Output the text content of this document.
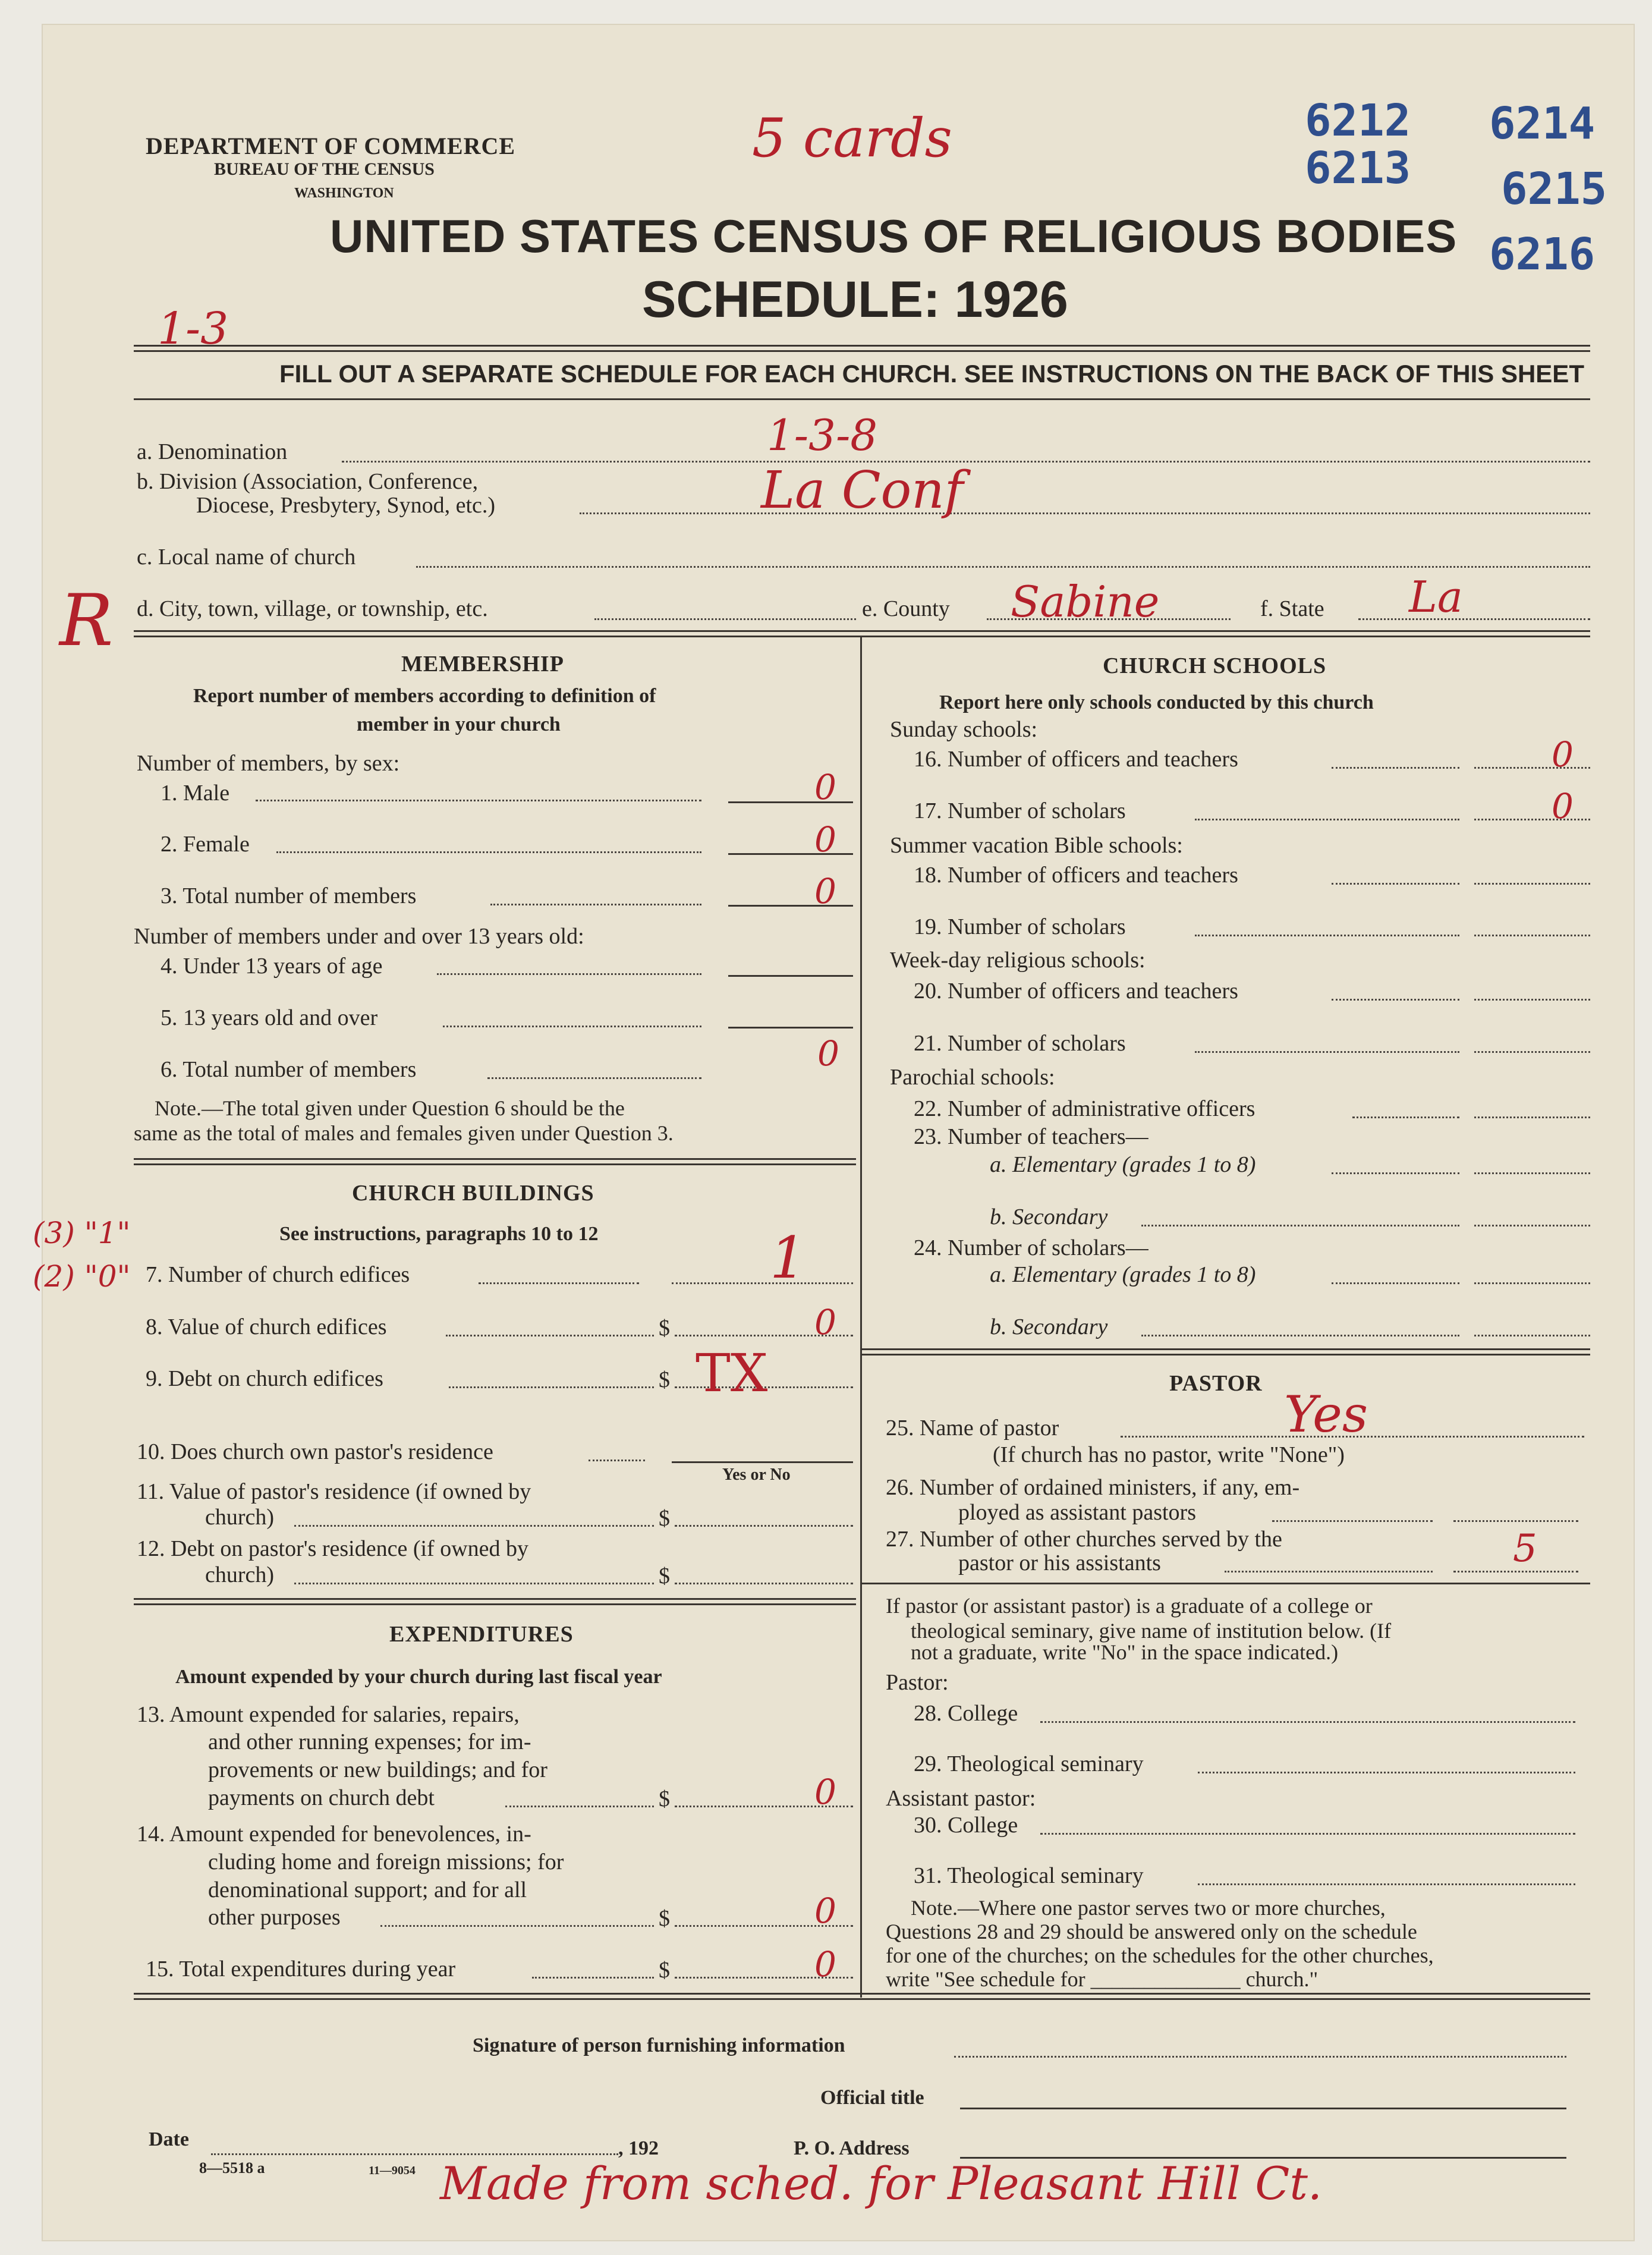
DEPARTMENT OF COMMERCE
BUREAU OF THE CENSUS
WASHINGTON
UNITED STATES CENSUS OF RELIGIOUS BODIES
SCHEDULE: 1926
6212
6213
6214
6215
6216
5 cards
1-3
FILL OUT A SEPARATE SCHEDULE FOR EACH CHURCH. SEE INSTRUCTIONS ON THE BACK OF THIS SHEET
a. Denomination	1-3-8
b. Division (Association, Conference,
Diocese, Presbytery, Synod, etc.)	La Conf
c. Local name of church
R d. City, town, village, or township, etc.	e. County Sabine	f. State La
MEMBERSHIP
Report number of members according to definition of
member in your church
Number of members, by sex:
1. Male	0
2. Female	0
3. Total number of members	0
Number of members under and over 13 years old:
4. Under 13 years of age
5. 13 years old and over
6. Total number of members	0
Note.—The total given under Question 6 should be the
same as the total of males and females given under Question 3.
CHURCH BUILDINGS
See instructions, paragraphs 10 to 12
(3) "1"
(2) "0" 7. Number of church edifices	1
8. Value of church edifices	$	0
9. Debt on church edifices	$ TX
10. Does church own pastor's residence
Yes or No
11. Value of pastor's residence (if owned by
church)	$
12. Debt on pastor's residence (if owned by
church)	$
EXPENDITURES
Amount expended by your church during last fiscal year
13. Amount expended for salaries, repairs,
and other running expenses; for im-
provements or new buildings; and for
payments on church debt	$	0
14. Amount expended for benevolences, in-
cluding home and foreign missions; for
denominational support; and for all
other purposes	$	0
15. Total expenditures during year	$	0
CHURCH SCHOOLS
Report here only schools conducted by this church
Sunday schools:
16. Number of officers and teachers	0
17. Number of scholars	0
Summer vacation Bible schools:
18. Number of officers and teachers
19. Number of scholars
Week-day religious schools:
20. Number of officers and teachers
21. Number of scholars
Parochial schools:
22. Number of administrative officers
23. Number of teachers—
a. Elementary (grades 1 to 8)
b. Secondary
24. Number of scholars—
a. Elementary (grades 1 to 8)
b. Secondary
PASTOR
25. Name of pastor	Yes
(If church has no pastor, write "None")
26. Number of ordained ministers, if any, em-
ployed as assistant pastors
27. Number of other churches served by the
pastor or his assistants	5
If pastor (or assistant pastor) is a graduate of a college or
theological seminary, give name of institution below. (If
not a graduate, write "No" in the space indicated.)
Pastor:
28. College
29. Theological seminary
Assistant pastor:
30. College
31. Theological seminary
Note.—Where one pastor serves two or more churches,
Questions 28 and 29 should be answered only on the schedule
for one of the churches; on the schedules for the other churches,
write "See schedule for ______________ church."
Signature of person furnishing information
Official title
Date	, 192	P. O. Address
8—5518 a	11—9054 Made from sched. for Pleasant Hill Ct.
